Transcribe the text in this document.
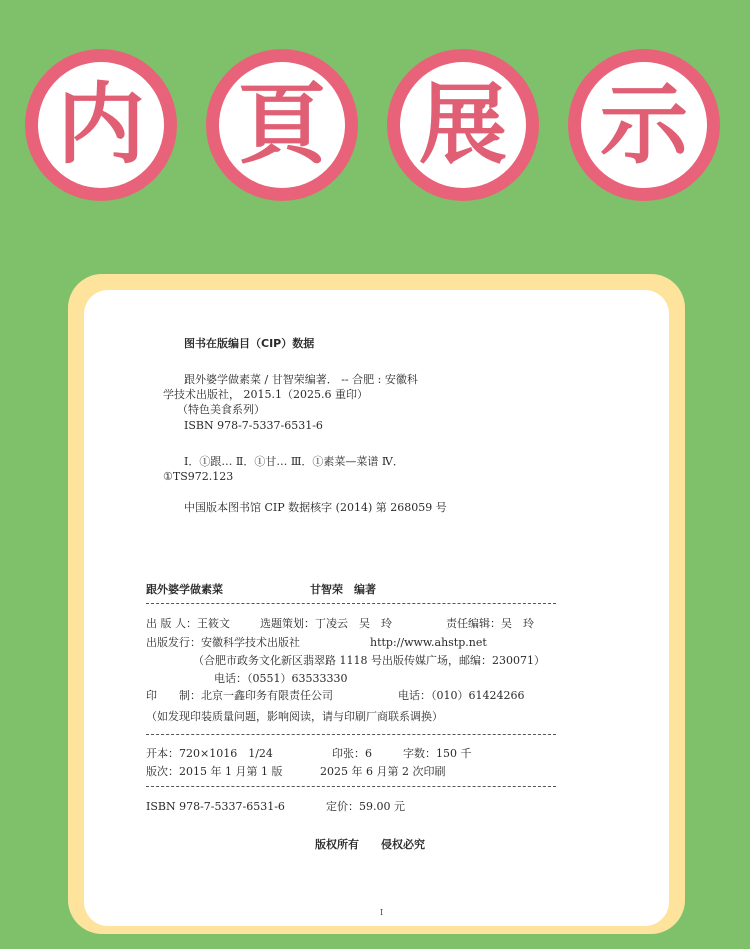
内 頁 展 示
图书在版编目（CIP）数据
跟外婆学做素菜 / 甘智荣编著． -- 合肥 : 安徽科
学技术出版社， 2015.1（2025.6 重印）
（特色美食系列）
ISBN 978-7-5337-6531-6
Ⅰ．①跟… Ⅱ．①甘… Ⅲ．①素菜—菜谱 Ⅳ．
①TS972.123
中国版本图书馆 CIP 数据核字 (2014) 第 268059 号
跟外婆学做素菜	甘智荣　编著
出 版 人：王筱文	选题策划：丁凌云　吴　玲	责任编辑：吴　玲
出版发行：安徽科学技术出版社	http://www.ahstp.net
（合肥市政务文化新区翡翠路 1118 号出版传媒广场，邮编：230071）
电话：（0551）63533330
印　　制：北京一鑫印务有限责任公司	电话：（010）61424266
（如发现印装质量问题，影响阅读，请与印刷厂商联系调换）
开本：720×1016　1/24	印张：6	字数：150 千
版次：2015 年 1 月第 1 版	2025 年 6 月第 2 次印刷
ISBN 978-7-5337-6531-6	定价：59.00 元
版权所有　　侵权必究
I
